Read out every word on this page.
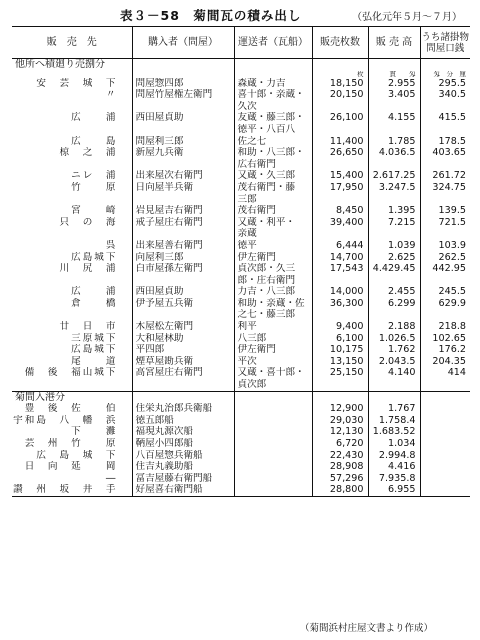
表３－58　菊間瓦の積み出し	（弘化元年５月～７月）
販　売　先	購入者（問屋）	運送者（瓦船）	販売枚数	販 売 高	うち諸掛物問屋口銭
他所へ積廻り売捌分					
			枚	貫　　匁	匁　分　厘
安　芸　城　下	問屋惣四郎	森蔵・力吉	18,150	2.955	295.5
〃	問屋竹屋権左衛門	喜十郎・亲蔵・	20,150	3.405	340.5
		久次			
広　　浦	西田屋貞助	友蔵・藤三郎・	26,100	4.155	415.5
		徳平・八百八			
広　　島	問屋利三郎	佐之七	11,400	1.785	178.5
椋　之　浦	新屋九兵衛	和助・八三郎・	26,650	4.036.5	403.65
		広右衛門			
ニレ　浦	出来屋次右衛門	又蔵・久三郎	15,400	2.617.25	261.72
竹　　原	日向屋半兵衛	茂右衛門・藤	17,950	3.247.5	324.75
		三郎			
宮　　崎	岩見屋吉右衛門	茂右衛門	8,450	1.395	139.5
只　の　海	戒子屋庄右衛門	又蔵・利平・	39,400	7.215	721.5
		亲蔵			
呉	出来屋善右衛門	徳平	6,444	1.039	103.9
広島城下	向屋利三郎	伊左衛門	14,700	2.625	262.5
川　尻　浦	白市屋孫左衛門	貞次郎・久三	17,543	4.429.45	442.95
		郎・庄右衛門			
広　　浦	西田屋貞助	力吉・八三郎	14,000	2.455	245.5
倉　　橋	伊予屋五兵衛	和助・亲蔵・佐	36,300	6.299	629.9
		之七・藤三郎			
廿　日　市	木屋松左衛門	利平	9,400	2.188	218.8
三原城下	大和屋林助	八三郎	6,100	1.026.5	102.65
広島城下	平四郎	伊左衛門	10,175	1.762	176.2
尾　　道	煙草屋勘兵衛	平次	13,150	2.043.5	204.35
備　後　福山城下	高宮屋庄右衛門	又蔵・喜十郎・	25,150	4.140	414
		貞次郎			
菊間入港分					
豊　後　佐　　伯	住栄丸治郎兵衛船		12,900	1.767	
宇和島　八　幡　浜	徳五郎船		29,030	1.758.4	
下　　灘	福現丸源次船		12,130	1.683.52	
芸　州　竹　　原	鞆屋小四郎船		6,720	1.034	
広　島　城　下	八百屋惣兵衛船		22,430	2.994.8	
日　向　延　　岡	住吉丸義助船		28,908	4.416	
―	冨吉屋藤右衛門船		57,296	7.935.8	
讃　州　坂　井　手	好屋喜右衛門船		28,800	6.955	
（菊間浜村庄屋文書より作成）
